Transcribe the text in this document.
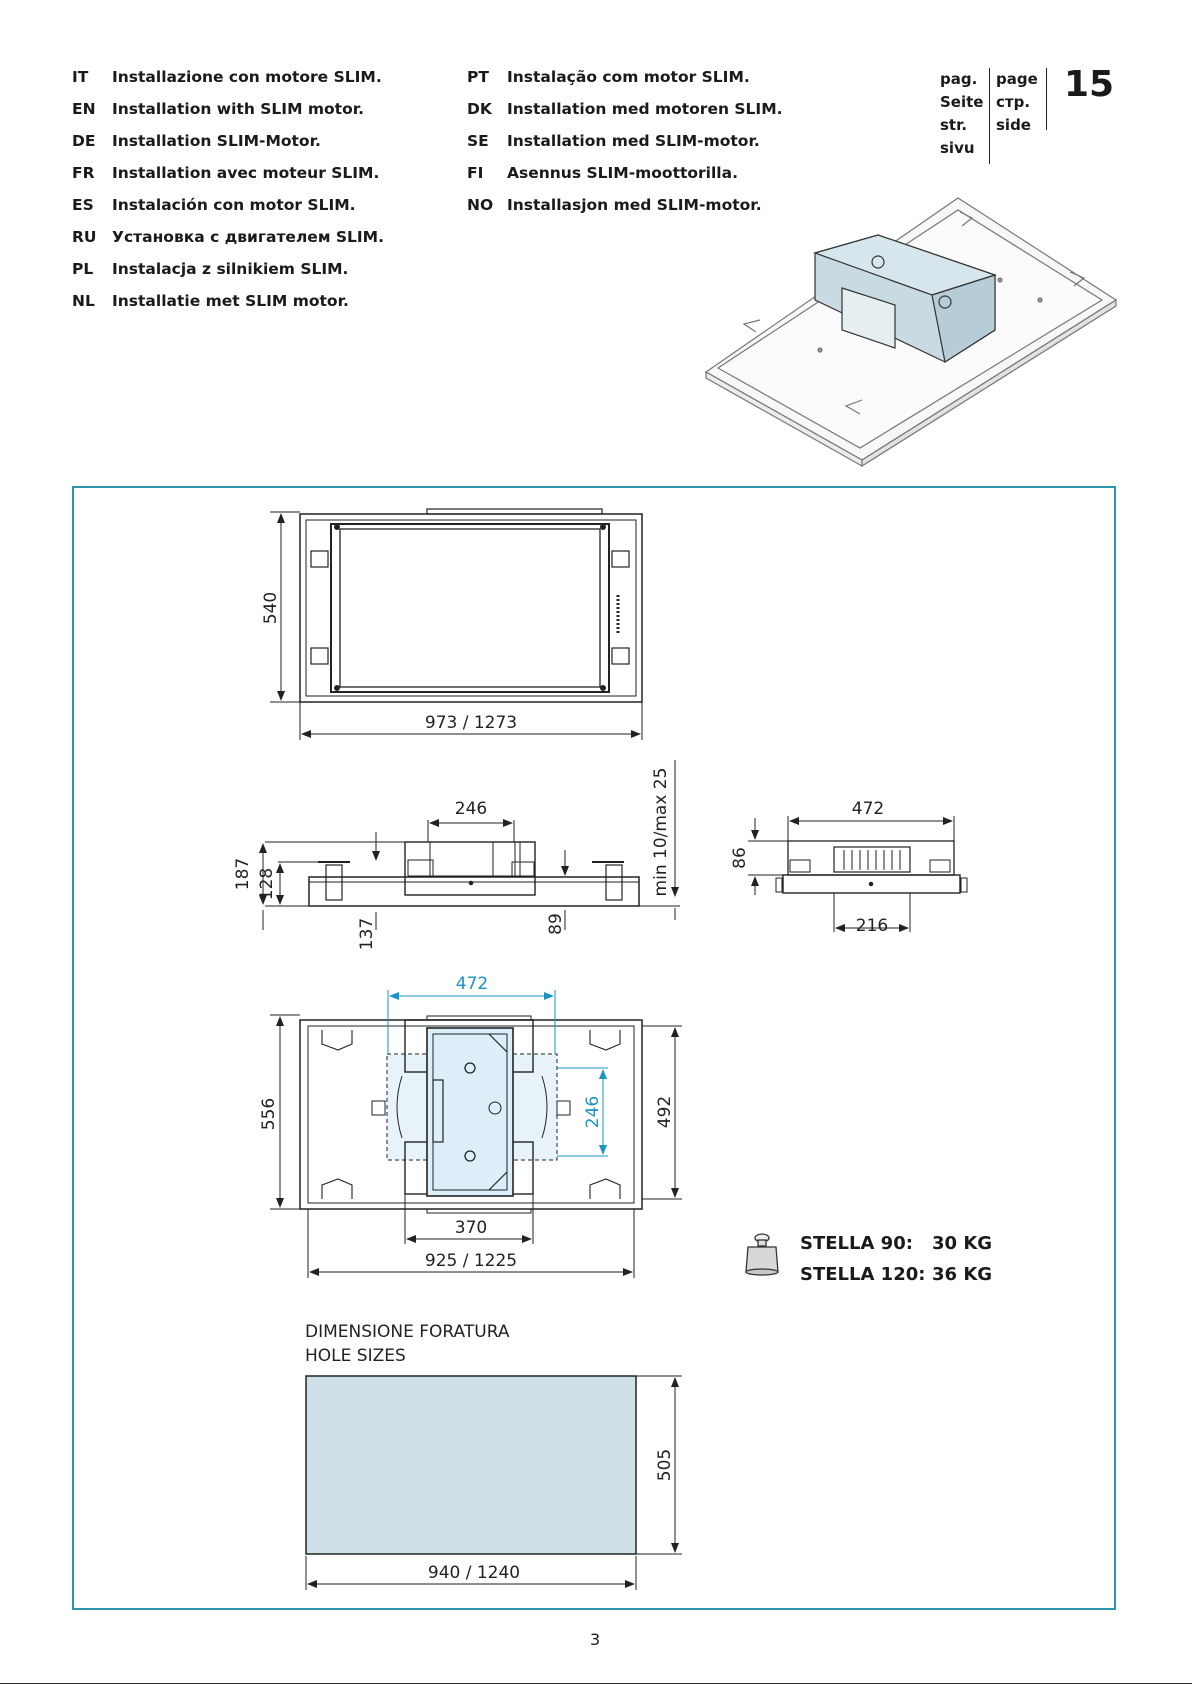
IT	Installazione con motore SLIM.
EN	Installation with SLIM motor.
DE	Installation SLIM-Motor.
FR	Installation avec moteur SLIM.
ES	Instalación con motor SLIM.
RU Установка с двигателем SLIM.
PL	Instalacja z silnikiem SLIM.
NL	Installatie met SLIM motor.
PT	Instalação com motor SLIM.
DK Installation med motoren SLIM.
SE	Installation med SLIM-motor.
FI	Asennus SLIM-moottorilla.
NO Installasjon med SLIM-motor.
pag.
Seite
str.
sivu
page
стр.
side
15
540
973 / 1273
246
187 128	min 10/max 25
137	89
472
86
216
472
246
556	492
370
925 / 1225
940 / 1240
505
DIMENSIONE FORATURA
HOLE SIZES
STELLA 90: 30 KG
STELLA 120: 36 KG
3
